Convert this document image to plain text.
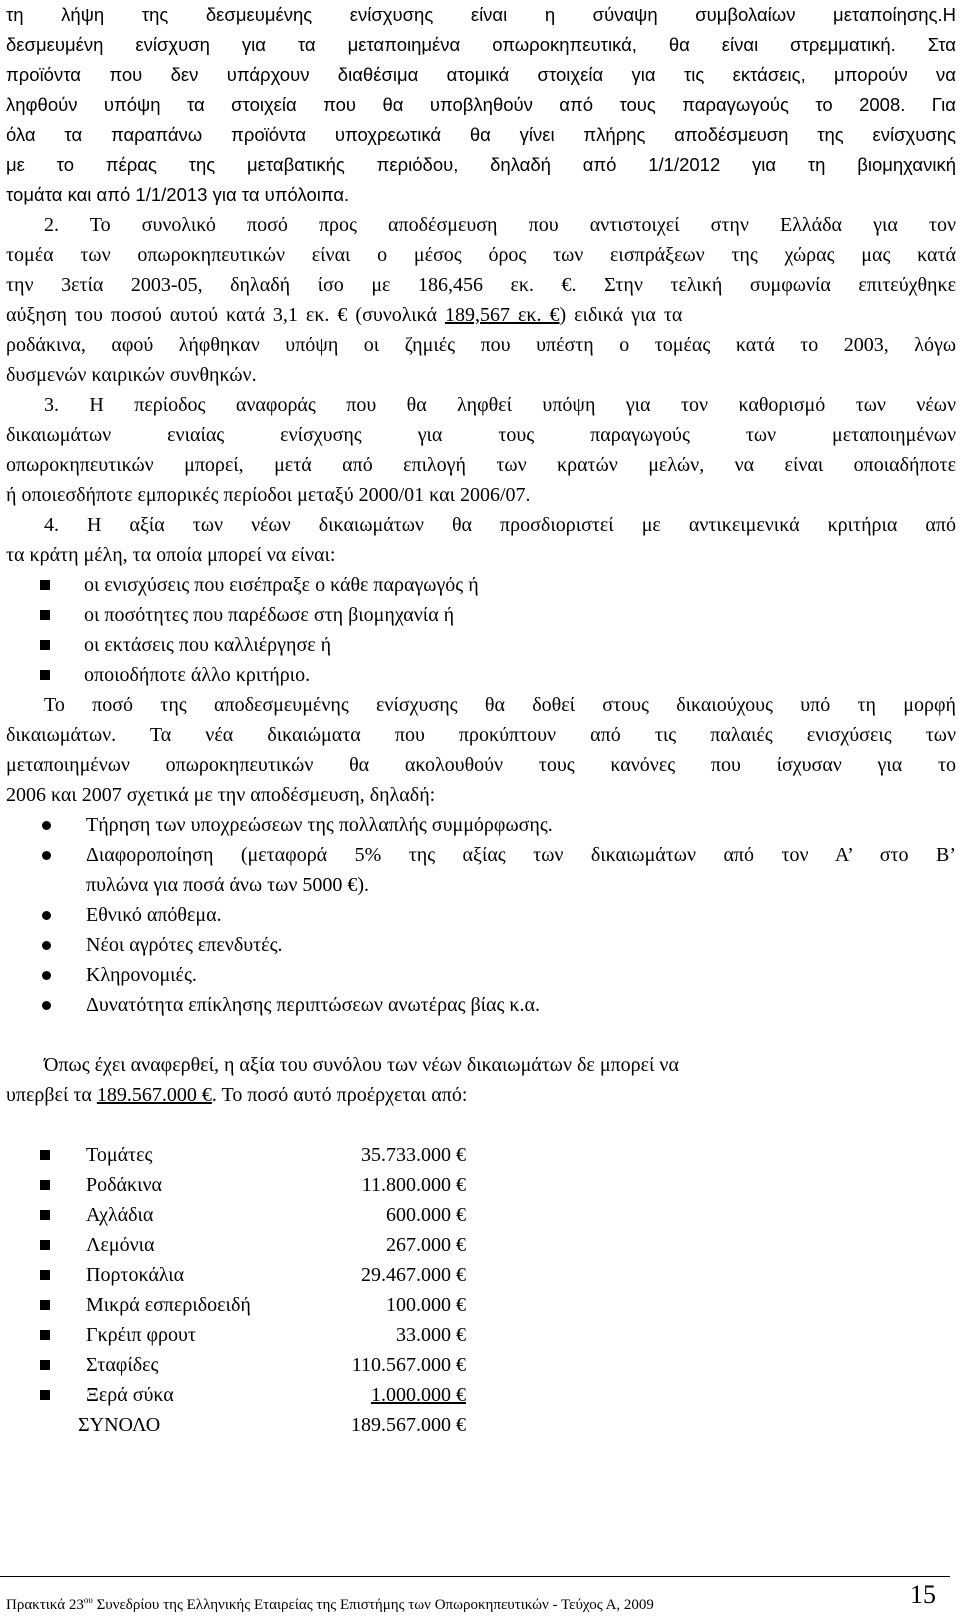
τη λήψη της δεσμευμένης ενίσχυσης είναι η σύναψη συμβολαίων μεταποίησης.Η
δεσμευμένη ενίσχυση για τα μεταποιημένα οπωροκηπευτικά, θα είναι στρεμματική. Στα
προϊόντα που δεν υπάρχουν διαθέσιμα ατομικά στοιχεία για τις εκτάσεις, μπορούν να
ληφθούν υπόψη τα στοιχεία που θα υποβληθούν από τους παραγωγούς το 2008. Για
όλα τα παραπάνω προϊόντα υποχρεωτικά θα γίνει πλήρης αποδέσμευση της ενίσχυσης
με το πέρας της μεταβατικής περιόδου, δηλαδή από 1/1/2012 για τη βιομηχανική
τομάτα και από 1/1/2013 για τα υπόλοιπα.
2. Το συνολικό ποσό προς αποδέσμευση που αντιστοιχεί στην Ελλάδα για τον
τομέα των οπωροκηπευτικών είναι ο μέσος όρος των εισπράξεων της χώρας μας κατά
την 3ετία 2003-05, δηλαδή ίσο με 186,456 εκ. €. Στην τελική συμφωνία επιτεύχθηκε
αύξηση του ποσού αυτού κατά 3,1 εκ. € (συνολικά 189,567 εκ. €) ειδικά για τα
ροδάκινα, αφού λήφθηκαν υπόψη οι ζημιές που υπέστη ο τομέας κατά το 2003, λόγω
δυσμενών καιρικών συνθηκών.
3. Η περίοδος αναφοράς που θα ληφθεί υπόψη για τον καθορισμό των νέων
δικαιωμάτων ενιαίας ενίσχυσης για τους παραγωγούς των μεταποιημένων
οπωροκηπευτικών μπορεί, μετά από επιλογή των κρατών μελών, να είναι οποιαδήποτε
ή οποιεσδήποτε εμπορικές περίοδοι μεταξύ 2000/01 και 2006/07.
4. Η αξία των νέων δικαιωμάτων θα προσδιοριστεί με αντικειμενικά κριτήρια από
τα κράτη μέλη, τα οποία μπορεί να είναι:
οι ενισχύσεις που εισέπραξε ο κάθε παραγωγός ή
οι ποσότητες που παρέδωσε στη βιομηχανία ή
οι εκτάσεις που καλλιέργησε ή
οποιοδήποτε άλλο κριτήριο.
Το ποσό της αποδεσμευμένης ενίσχυσης θα δοθεί στους δικαιούχους υπό τη μορφή
δικαιωμάτων. Τα νέα δικαιώματα που προκύπτουν από τις παλαιές ενισχύσεις των
μεταποιημένων οπωροκηπευτικών θα ακολουθούν τους κανόνες που ίσχυσαν για το
2006 και 2007 σχετικά με την αποδέσμευση, δηλαδή:
Τήρηση των υποχρεώσεων της πολλαπλής συμμόρφωσης.
Διαφοροποίηση (μεταφορά 5% της αξίας των δικαιωμάτων από τον Α’ στο Β’
πυλώνα για ποσά άνω των 5000 €).
Εθνικό απόθεμα.
Νέοι αγρότες επενδυτές.
Κληρονομιές.
Δυνατότητα επίκλησης περιπτώσεων ανωτέρας βίας κ.α.
Όπως έχει αναφερθεί, η αξία του συνόλου των νέων δικαιωμάτων δε μπορεί να
υπερβεί τα 189.567.000 €. Το ποσό αυτό προέρχεται από:
Τομάτες	35.733.000 €
Ροδάκινα	11.800.000 €
Αχλάδια	600.000 €
Λεμόνια	267.000 €
Πορτοκάλια	29.467.000 €
Μικρά εσπεριδοειδή	100.000 €
Γκρέιπ φρουτ	33.000 €
Σταφίδες	110.567.000 €
Ξερά σύκα	1.000.000 €
ΣΥΝΟΛΟ	189.567.000 €
Πρακτικά $23^{o\upsilon}$ Συνεδρίου της Ελληνικής Εταιρείας της Επιστήμης των Οπωροκηπευτικών - Τεύχος Α, 2009	15
